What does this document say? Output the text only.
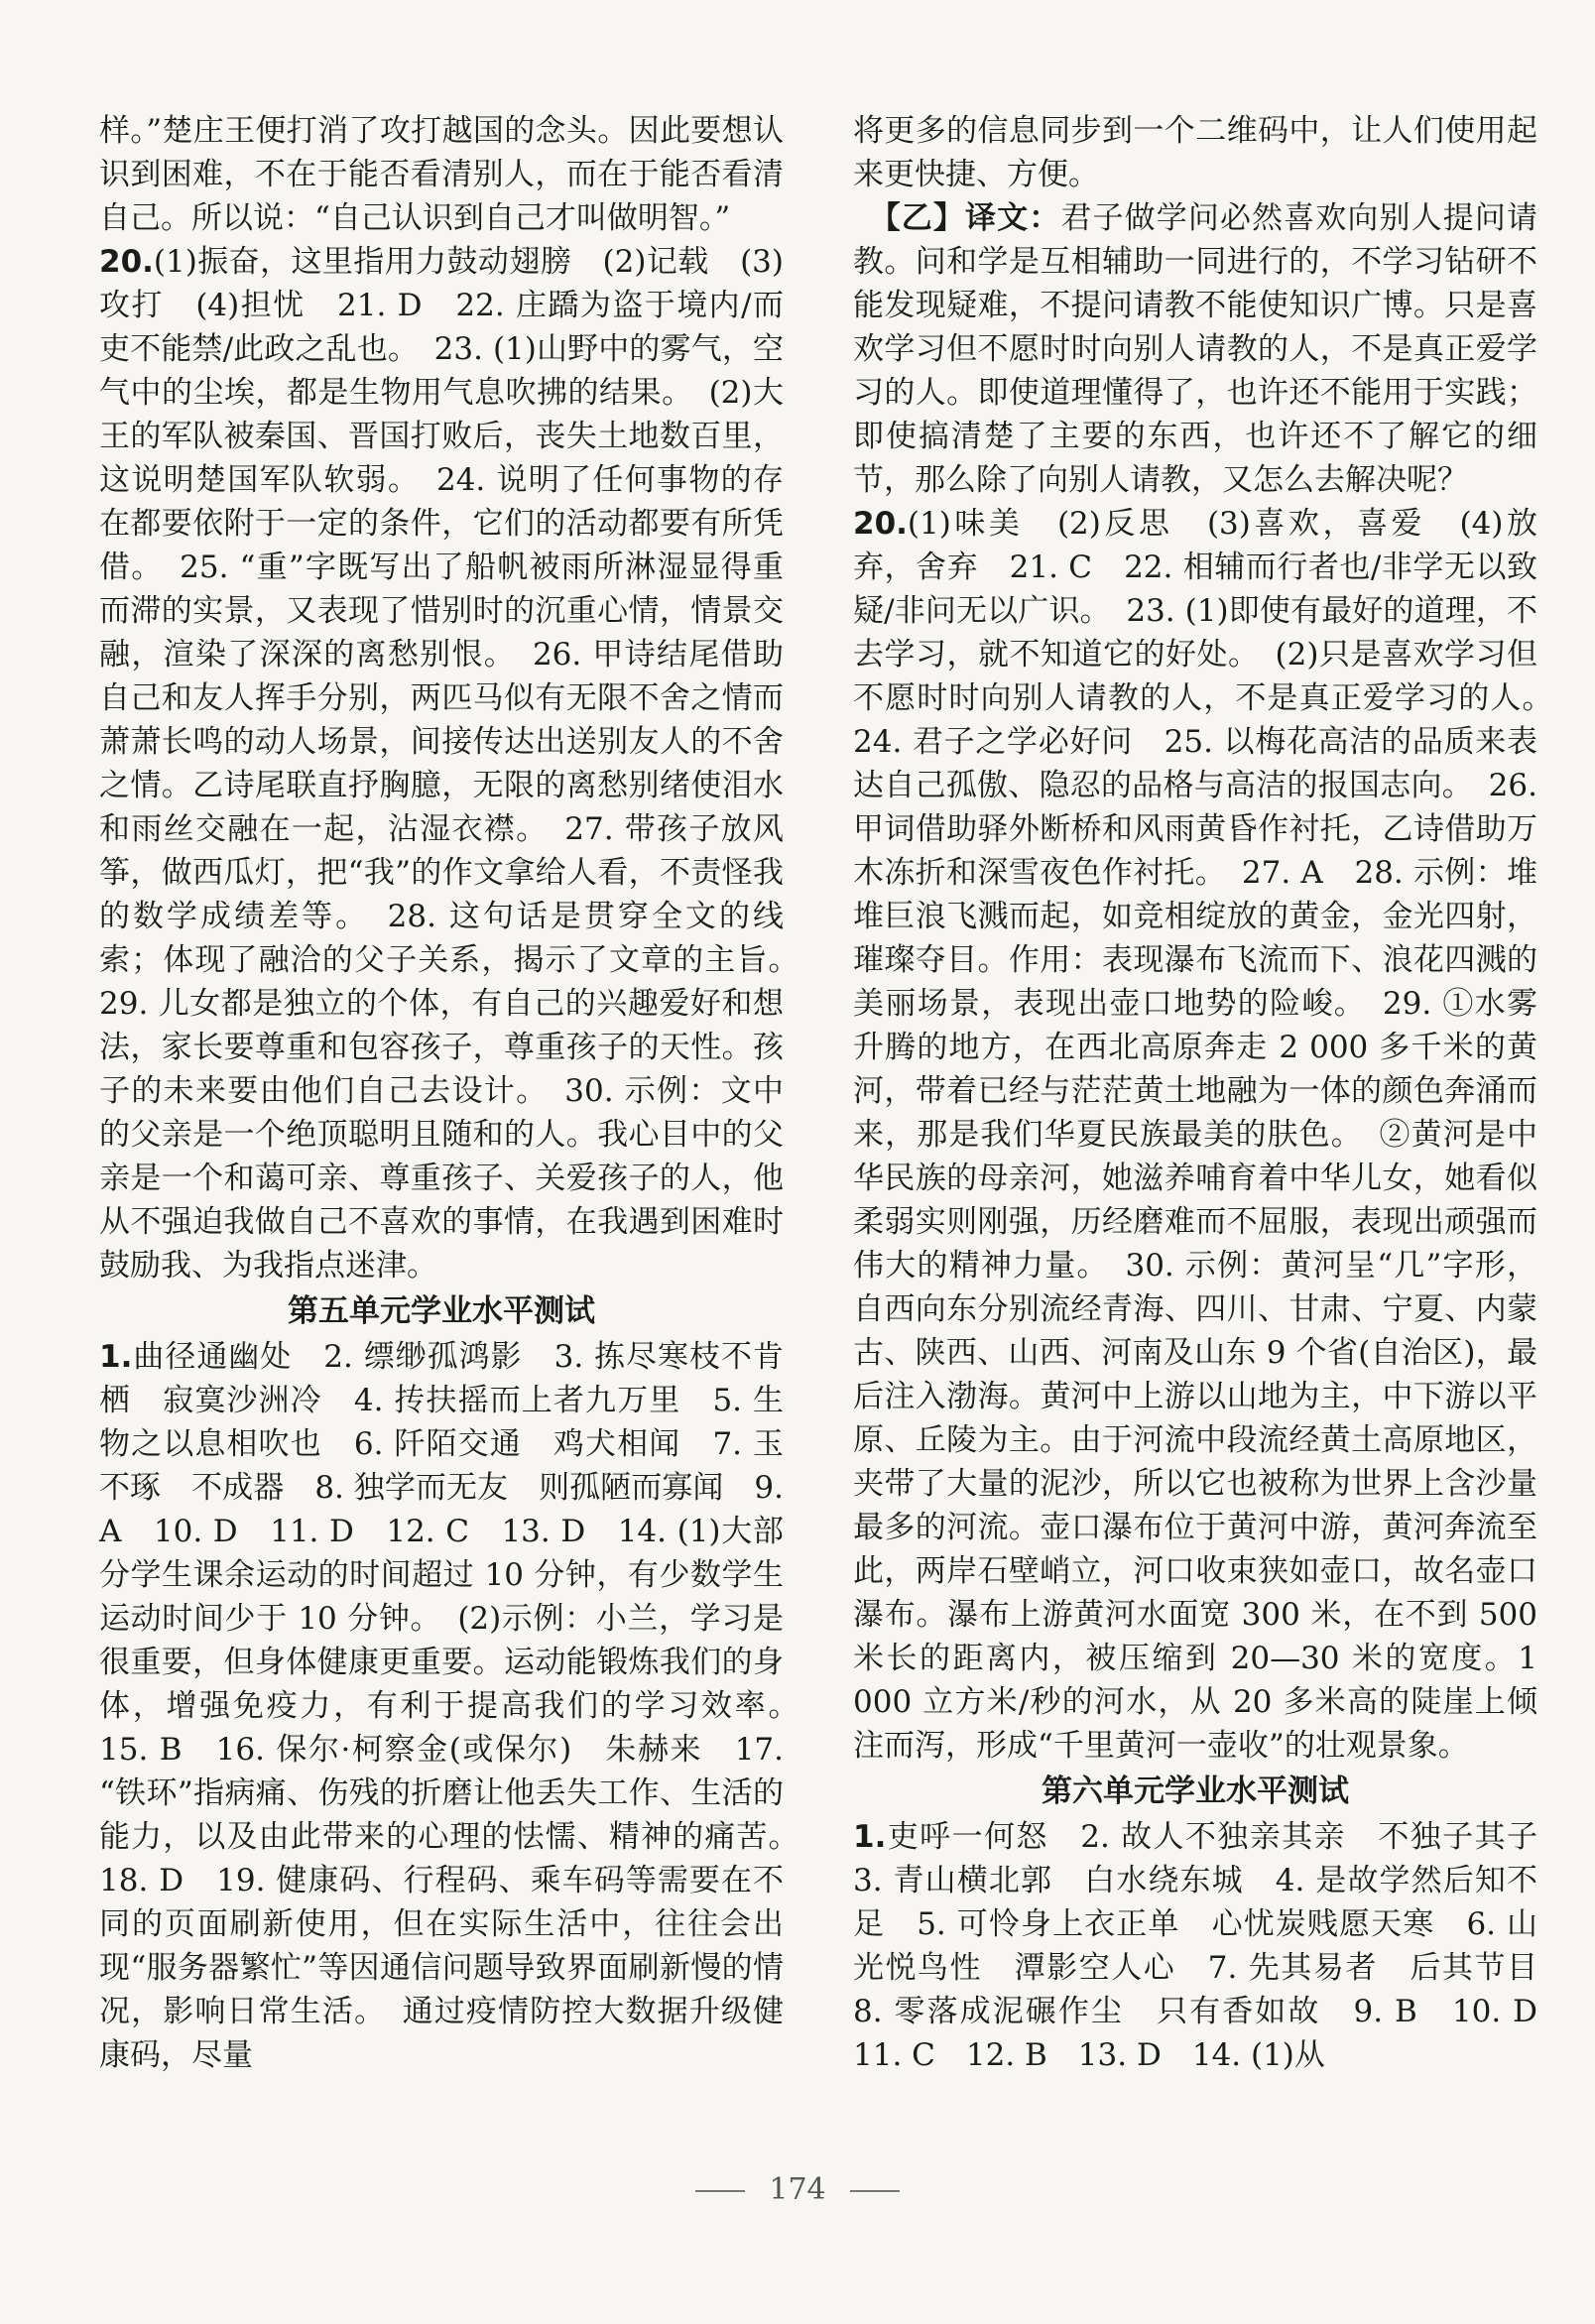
样。”楚庄王便打消了攻打越国的念头。因此要想认识到困难，不在于能否看清别人，而在于能否看清自己。所以说：“自己认识到自己才叫做明智。”

20.(1)振奋，这里指用力鼓动翅膀　(2)记载　(3)攻打　(4)担忧　21. D　22. 庄蹻为盗于境内/而吏不能禁/此政之乱也。　23. (1)山野中的雾气，空气中的尘埃，都是生物用气息吹拂的结果。　(2)大王的军队被秦国、晋国打败后，丧失土地数百里，这说明楚国军队软弱。　24. 说明了任何事物的存在都要依附于一定的条件，它们的活动都要有所凭借。　25. “重”字既写出了船帆被雨所淋湿显得重而滞的实景，又表现了惜别时的沉重心情，情景交融，渲染了深深的离愁别恨。　26. 甲诗结尾借助自己和友人挥手分别，两匹马似有无限不舍之情而萧萧长鸣的动人场景，间接传达出送别友人的不舍之情。乙诗尾联直抒胸臆，无限的离愁别绪使泪水和雨丝交融在一起，沾湿衣襟。　27. 带孩子放风筝，做西瓜灯，把“我”的作文拿给人看，不责怪我的数学成绩差等。　28. 这句话是贯穿全文的线索；体现了融洽的父子关系，揭示了文章的主旨。　29. 儿女都是独立的个体，有自己的兴趣爱好和想法，家长要尊重和包容孩子，尊重孩子的天性。孩子的未来要由他们自己去设计。　30. 示例：文中的父亲是一个绝顶聪明且随和的人。我心目中的父亲是一个和蔼可亲、尊重孩子、关爱孩子的人，他从不强迫我做自己不喜欢的事情，在我遇到困难时鼓励我、为我指点迷津。

第五单元学业水平测试

1.曲径通幽处　2. 缥缈孤鸿影　3. 拣尽寒枝不肯栖　寂寞沙洲冷　4. 抟扶摇而上者九万里　5. 生物之以息相吹也　6. 阡陌交通　鸡犬相闻　7. 玉不琢　不成器　8. 独学而无友　则孤陋而寡闻　9. A　10. D　11. D　12. C　13. D　14. (1)大部分学生课余运动的时间超过 10 分钟，有少数学生运动时间少于 10 分钟。　(2)示例：小兰，学习是很重要，但身体健康更重要。运动能锻炼我们的身体，增强免疫力，有利于提高我们的学习效率。　15. B　16. 保尔·柯察金(或保尔)　朱赫来　17. “铁环”指病痛、伤残的折磨让他丢失工作、生活的能力，以及由此带来的心理的怯懦、精神的痛苦。　18. D　19. 健康码、行程码、乘车码等需要在不同的页面刷新使用，但在实际生活中，往往会出现“服务器繁忙”等因通信问题导致界面刷新慢的情况，影响日常生活。　通过疫情防控大数据升级健康码，尽量

将更多的信息同步到一个二维码中，让人们使用起来更快捷、方便。

　【乙】译文：君子做学问必然喜欢向别人提问请教。问和学是互相辅助一同进行的，不学习钻研不能发现疑难，不提问请教不能使知识广博。只是喜欢学习但不愿时时向别人请教的人，不是真正爱学习的人。即使道理懂得了，也许还不能用于实践；即使搞清楚了主要的东西，也许还不了解它的细节，那么除了向别人请教，又怎么去解决呢？

20.(1)味美　(2)反思　(3)喜欢，喜爱　(4)放弃，舍弃　21. C　22. 相辅而行者也/非学无以致疑/非问无以广识。　23. (1)即使有最好的道理，不去学习，就不知道它的好处。　(2)只是喜欢学习但不愿时时向别人请教的人，不是真正爱学习的人。　24. 君子之学必好问　25. 以梅花高洁的品质来表达自己孤傲、隐忍的品格与高洁的报国志向。　26. 甲词借助驿外断桥和风雨黄昏作衬托，乙诗借助万木冻折和深雪夜色作衬托。　27. A　28. 示例：堆堆巨浪飞溅而起，如竞相绽放的黄金，金光四射，璀璨夺目。作用：表现瀑布飞流而下、浪花四溅的美丽场景，表现出壶口地势的险峻。　29. ①水雾升腾的地方，在西北高原奔走 2 000 多千米的黄河，带着已经与茫茫黄土地融为一体的颜色奔涌而来，那是我们华夏民族最美的肤色。　②黄河是中华民族的母亲河，她滋养哺育着中华儿女，她看似柔弱实则刚强，历经磨难而不屈服，表现出顽强而伟大的精神力量。　30. 示例：黄河呈“几”字形，自西向东分别流经青海、四川、甘肃、宁夏、内蒙古、陕西、山西、河南及山东 9 个省(自治区)，最后注入渤海。黄河中上游以山地为主，中下游以平原、丘陵为主。由于河流中段流经黄土高原地区，夹带了大量的泥沙，所以它也被称为世界上含沙量最多的河流。壶口瀑布位于黄河中游，黄河奔流至此，两岸石壁峭立，河口收束狭如壶口，故名壶口瀑布。瀑布上游黄河水面宽 300 米，在不到 500 米长的距离内，被压缩到 20—30 米的宽度。1 000 立方米/秒的河水，从 20 多米高的陡崖上倾注而泻，形成“千里黄河一壶收”的壮观景象。

第六单元学业水平测试

1.吏呼一何怒　2. 故人不独亲其亲　不独子其子　3. 青山横北郭　白水绕东城　4. 是故学然后知不足　5. 可怜身上衣正单　心忧炭贱愿天寒　6. 山光悦鸟性　潭影空人心　7. 先其易者　后其节目　8. 零落成泥碾作尘　只有香如故　9. B　10. D　11. C　12. B　13. D　14. (1)从

174
